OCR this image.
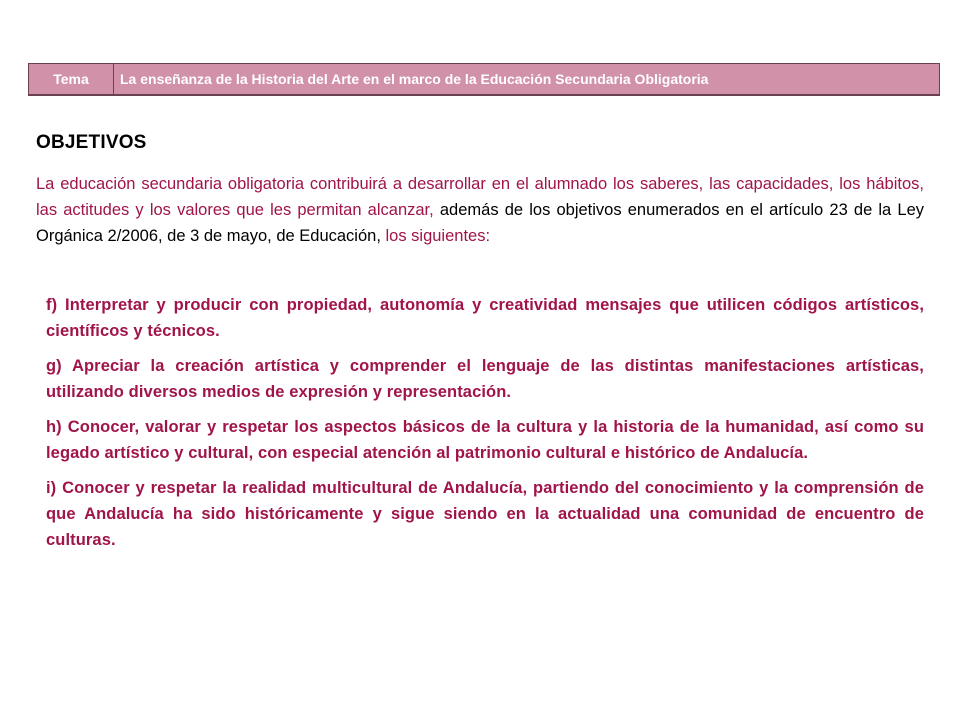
Tema	La enseñanza de la Historia del Arte en el marco de la Educación Secundaria Obligatoria
OBJETIVOS

La educación secundaria obligatoria contribuirá a desarrollar en el alumnado los saberes, las capacidades, los hábitos, las actitudes y los valores que les permitan alcanzar, además de los objetivos enumerados en el artículo 23 de la Ley Orgánica 2/2006, de 3 de mayo, de Educación, los siguientes:

f) Interpretar y producir con propiedad, autonomía y creatividad mensajes que utilicen códigos artísticos, científicos y técnicos.
g) Apreciar la creación artística y comprender el lenguaje de las distintas manifestaciones artísticas, utilizando diversos medios de expresión y representación.
h) Conocer, valorar y respetar los aspectos básicos de la cultura y la historia de la humanidad, así como su legado artístico y cultural, con especial atención al patrimonio cultural e histórico de Andalucía.
i) Conocer y respetar la realidad multicultural de Andalucía, partiendo del conocimiento y la comprensión de que Andalucía ha sido históricamente y sigue siendo en la actualidad una comunidad de encuentro de culturas.
